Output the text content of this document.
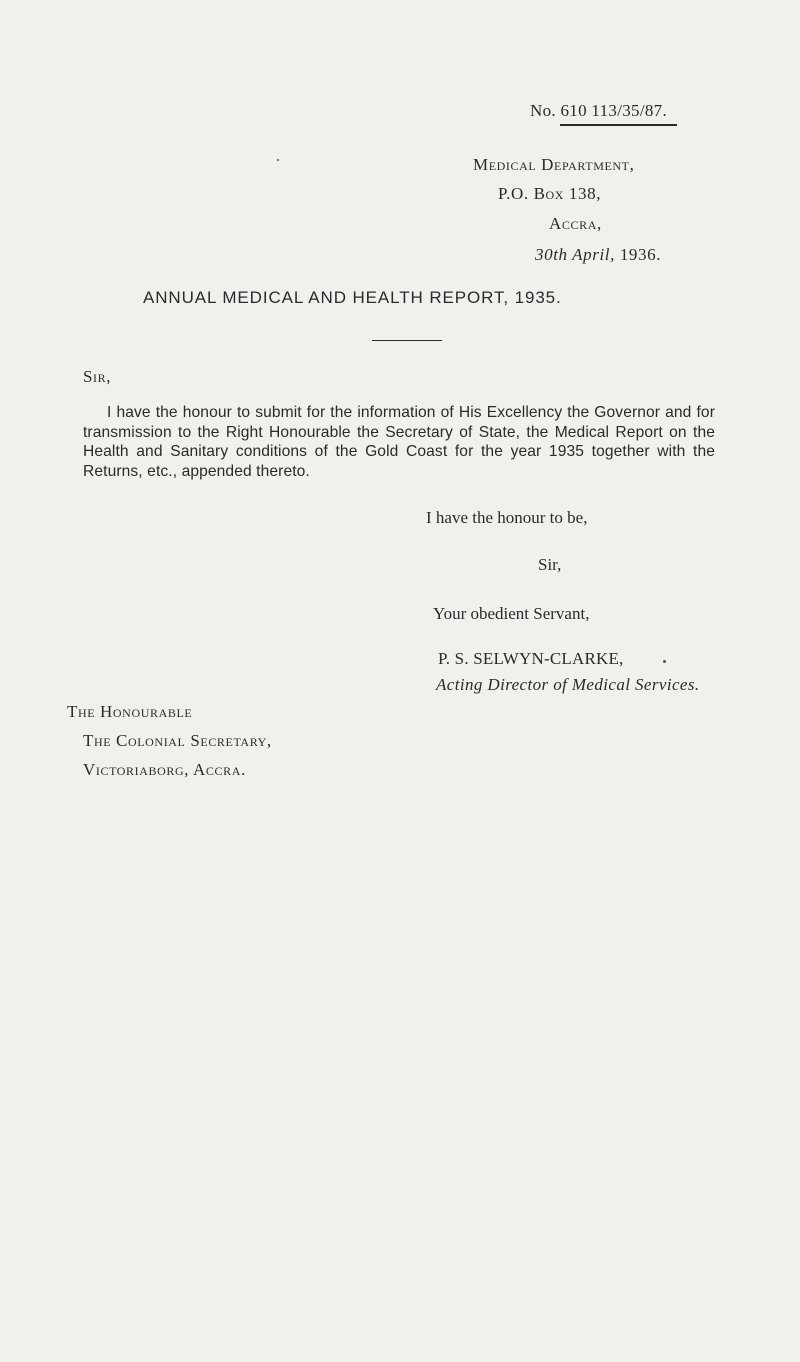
No. 610 113/35/87.
Medical Department,
P.O. Box 138,
Accra,
30th April, 1936.
ANNUAL MEDICAL AND HEALTH REPORT, 1935.
Sir,
I have the honour to submit for the information of His Excellency the Governor and for transmission to the Right Honourable the Secretary of State, the Medical Report on the Health and Sanitary conditions of the Gold Coast for the year 1935 together with the Returns, etc., appended thereto.
I have the honour to be,
Sir,
Your obedient Servant,
P. S. SELWYN-CLARKE,
Acting Director of Medical Services.
The Honourable
The Colonial Secretary,
Victoriaborg, Accra.
